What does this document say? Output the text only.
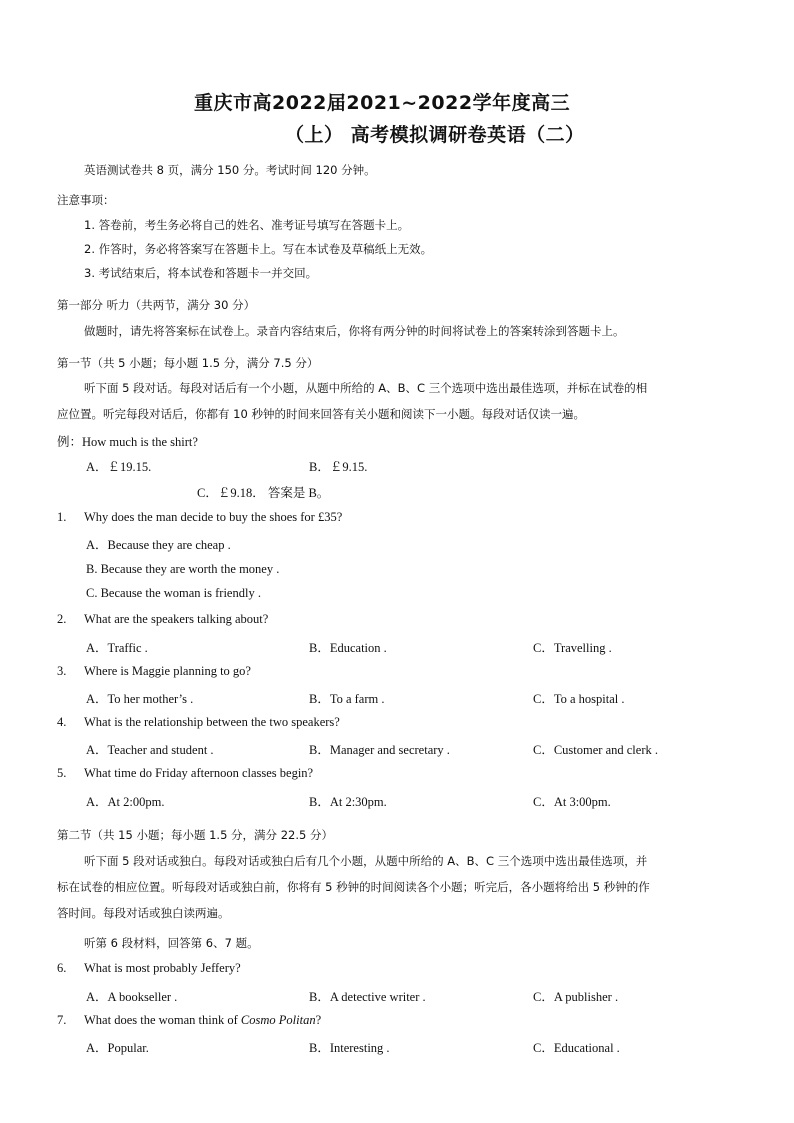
重庆市高2022届2021~2022学年度高三
（上） 高考模拟调研卷英语（二）
英语测试卷共 8 页，满分 150 分。考试时间 120 分钟。
注意事项：
1. 答卷前，考生务必将自己的姓名、准考证号填写在答题卡上。
2. 作答时，务必将答案写在答题卡上。写在本试卷及草稿纸上无效。
3. 考试结束后，将本试卷和答题卡一并交回。
第一部分 听力（共两节，满分 30 分）
做题时，请先将答案标在试卷上。录音内容结束后，你将有两分钟的时间将试卷上的答案转涂到答题卡上。
第一节（共 5 小题；每小题 1.5 分，满分 7.5 分）
听下面 5 段对话。每段对话后有一个小题，从题中所给的 A、B、C 三个选项中选出最佳选项，并标在试卷的相
应位置。听完每段对话后，你都有 10 秒钟的时间来回答有关小题和阅读下一小题。每段对话仅读一遍。
例：How much is the shirt?
A．￡19.15.	B．￡9.15.
C．￡9.18． 答案是 B。
1. Why does the man decide to buy the shoes for £35?
A．Because they are cheap .
B. Because they are worth the money .
C. Because the woman is friendly .
2. What are the speakers talking about?
A．Traffic .	B．Education .	C．Travelling .
3. Where is Maggie planning to go?
A．To her mother’s .	B．To a farm .	C．To a hospital .
4. What is the relationship between the two speakers?
A．Teacher and student .	B．Manager and secretary .	C．Customer and clerk .
5. What time do Friday afternoon classes begin?
A．At 2:00pm.	B．At 2:30pm.	C．At 3:00pm.
第二节（共 15 小题；每小题 1.5 分，满分 22.5 分）
听下面 5 段对话或独白。每段对话或独白后有几个小题，从题中所给的 A、B、C 三个选项中选出最佳选项，并
标在试卷的相应位置。听每段对话或独白前，你将有 5 秒钟的时间阅读各个小题；听完后，各小题将给出 5 秒钟的作
答时间。每段对话或独白读两遍。
听第 6 段材料，回答第 6、7 题。
6. What is most probably Jeffery?
A．A bookseller .	B．A detective writer .	C．A publisher .
7. What does the woman think of Cosmo Politan?
A．Popular.	B．Interesting .	C．Educational .
